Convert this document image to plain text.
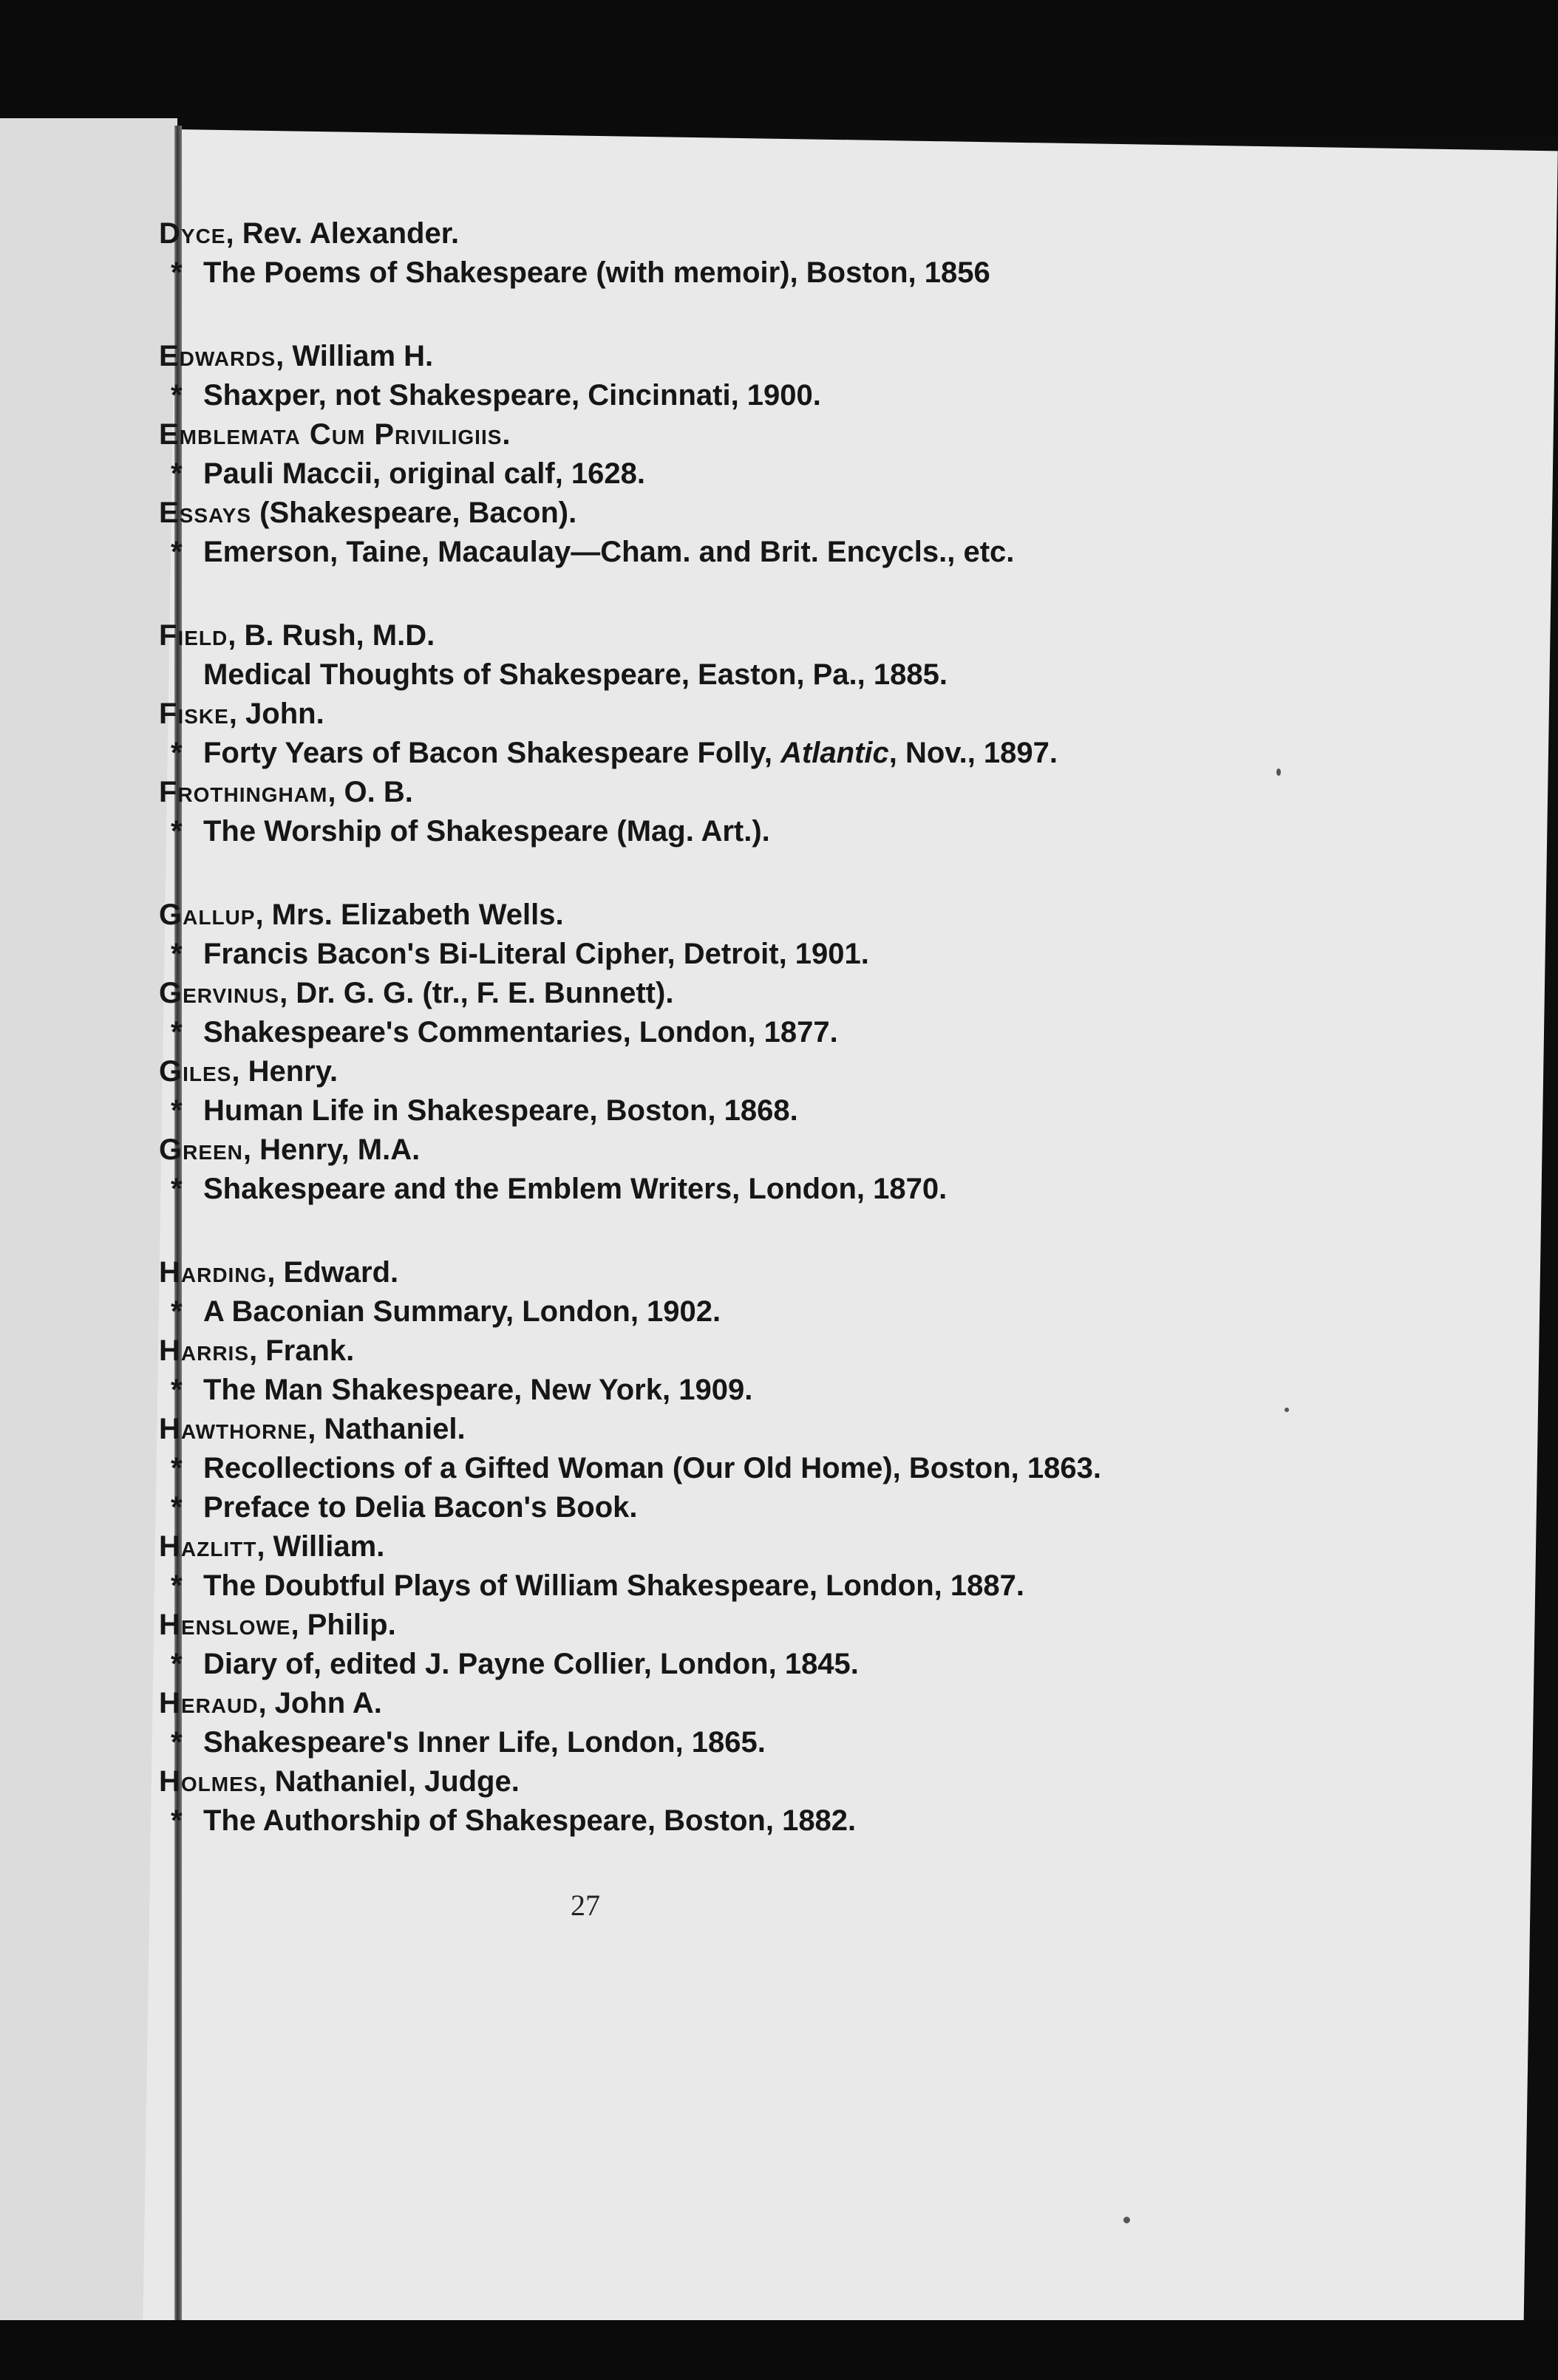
Dyce, Rev. Alexander.
* The Poems of Shakespeare (with memoir), Boston, 1856
Edwards, William H.
* Shaxper, not Shakespeare, Cincinnati, 1900.
Emblemata Cum Priviligiis.
* Pauli Maccii, original calf, 1628.
Essays (Shakespeare, Bacon).
* Emerson, Taine, Macaulay—Cham. and Brit. Encycls., etc.
Field, B. Rush, M.D.
Medical Thoughts of Shakespeare, Easton, Pa., 1885.
Fiske, John.
* Forty Years of Bacon Shakespeare Folly, Atlantic, Nov., 1897.
Frothingham, O. B.
* The Worship of Shakespeare (Mag. Art.).
Gallup, Mrs. Elizabeth Wells.
* Francis Bacon's Bi-Literal Cipher, Detroit, 1901.
Gervinus, Dr. G. G. (tr., F. E. Bunnett).
* Shakespeare's Commentaries, London, 1877.
Giles, Henry.
* Human Life in Shakespeare, Boston, 1868.
Green, Henry, M.A.
* Shakespeare and the Emblem Writers, London, 1870.
Harding, Edward.
* A Baconian Summary, London, 1902.
Harris, Frank.
* The Man Shakespeare, New York, 1909.
Hawthorne, Nathaniel.
* Recollections of a Gifted Woman (Our Old Home), Boston, 1863.
* Preface to Delia Bacon's Book.
Hazlitt, William.
* The Doubtful Plays of William Shakespeare, London, 1887.
Henslowe, Philip.
* Diary of, edited J. Payne Collier, London, 1845.
Heraud, John A.
* Shakespeare's Inner Life, London, 1865.
Holmes, Nathaniel, Judge.
* The Authorship of Shakespeare, Boston, 1882.
27
